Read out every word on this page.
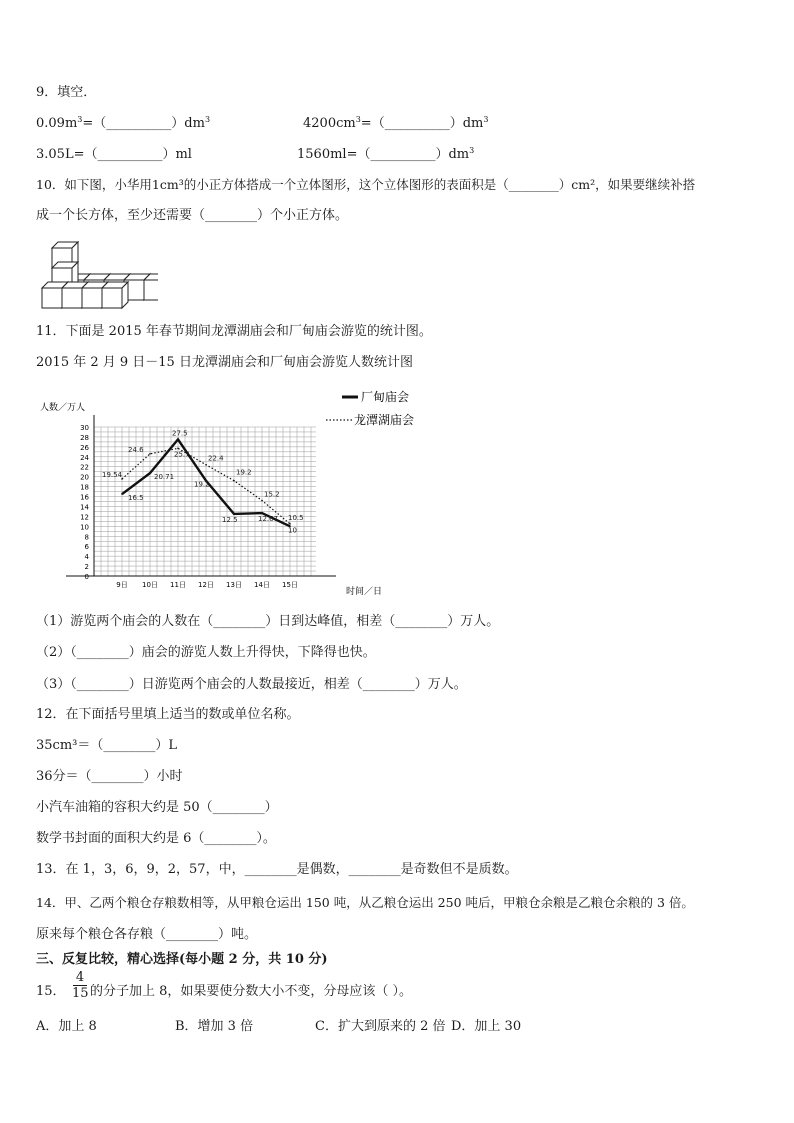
9．填空．
$0.09m^3=(\_\_\_\_\_\_\_\_\_\_)dm^3$	$4200cm^3=(\_\_\_\_\_\_\_\_\_\_)dm^3$
3.05L=（__________）ml	$1560ml=(\_\_\_\_\_\_\_\_\_\_)dm^3$
10．如下图，小华用1cm³的小正方体搭成一个立体图形，这个立体图形的表面积是（________）cm²，如果要继续补搭
成一个长方体，至少还需要（________）个小正方体。
11．下面是 2015 年春节期间龙潭湖庙会和厂甸庙会游览的统计图。
2015 年 2 月 9 日－15 日龙潭湖庙会和厂甸庙会游览人数统计图
人数／万人
时间／日
0
2
4
6
8
10
12
14
16
18
20
22
24
26
28
30
9日 10日 11日 12日 13日 14日 15日
16.5
20.71
27.5
19.2
12.5	12.67
10
19.54
24.6
25.7
22.4
19.2
15.2
10.5
厂甸庙会
龙潭湖庙会
（1）游览两个庙会的人数在（________）日到达峰值，相差（________）万人。
（2）（________）庙会的游览人数上升得快，下降得也快。
（3）（________）日游览两个庙会的人数最接近，相差（________）万人。
12．在下面括号里填上适当的数或单位名称。
35cm³＝（________）L
36分＝（________）小时
小汽车油箱的容积大约是 50（________）
数学书封面的面积大约是 6（________）。
13．在 1，3，6，9，2，57，中，________是偶数，________是奇数但不是质数。
14．甲、乙两个粮仓存粮数相等，从甲粮仓运出 150 吨，从乙粮仓运出 250 吨后，甲粮仓余粮是乙粮仓余粮的 3 倍。
原来每个粮仓各存粮（________）吨。
三、反复比较，精心选择(每小题 2 分，共 10 分)
15．
4
15 的分子加上 8，如果要使分数大小不变，分母应该（ ）。
A．加上 8	B．增加 3 倍	C．扩大到原来的 2 倍 D．加上 30
